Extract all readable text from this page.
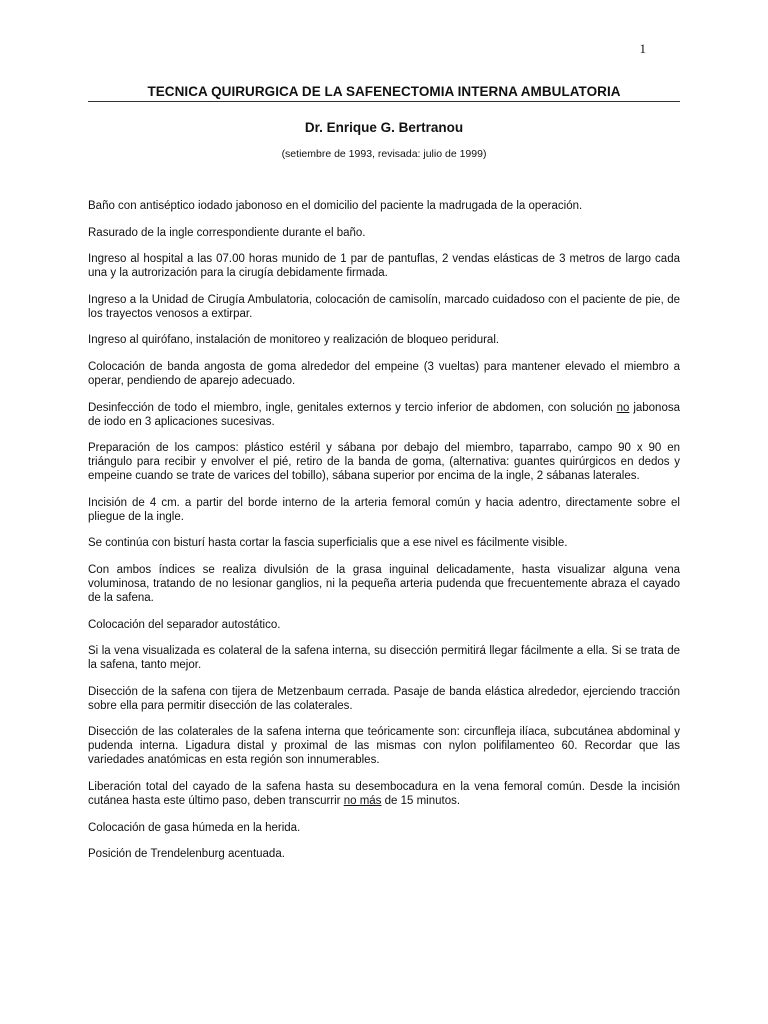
1
TECNICA QUIRURGICA DE LA SAFENECTOMIA INTERNA AMBULATORIA
Dr. Enrique G. Bertranou
(setiembre de 1993, revisada: julio de 1999)

Baño con antiséptico iodado jabonoso en el domicilio del paciente la madrugada de la operación.

Rasurado de la ingle correspondiente durante el baño.

Ingreso al hospital a las 07.00 horas munido de 1 par de pantuflas, 2 vendas elásticas de 3 metros de largo cada una y la autrorización para la cirugía debidamente firmada.

Ingreso a la Unidad de Cirugía Ambulatoria, colocación de camisolín, marcado cuidadoso con el paciente de pie, de los trayectos venosos a extirpar.

Ingreso al quirófano, instalación de monitoreo y realización de bloqueo peridural.

Colocación de banda angosta de goma alrededor del empeine (3 vueltas) para mantener elevado el miembro a operar, pendiendo de aparejo adecuado.

Desinfección de todo el miembro, ingle, genitales externos y tercio inferior de abdomen, con solución no jabonosa de iodo en 3 aplicaciones sucesivas.

Preparación de los campos: plástico estéril y sábana por debajo del miembro, taparrabo, campo 90 x 90 en triángulo para recibir y envolver el pié, retiro de la banda de goma, (alternativa: guantes quirúrgicos en dedos y empeine cuando se trate de varices del tobillo), sábana superior por encima de la ingle, 2 sábanas laterales.

Incisión de 4 cm. a partir del borde interno de la arteria femoral común y hacia adentro, directamente sobre el pliegue de la ingle.

Se continúa con bisturí hasta cortar la fascia superficialis que a ese nivel es fácilmente visible.

Con ambos índices se realiza divulsión de la grasa inguinal delicadamente, hasta visualizar alguna vena voluminosa, tratando de no lesionar ganglios, ni la pequeña arteria pudenda que frecuentemente abraza el cayado de la safena.

Colocación del separador autostático.

Si la vena visualizada es colateral de la safena interna, su disección permitirá llegar fácilmente a ella. Si se trata de la safena, tanto mejor.

Disección de la safena con tijera de Metzenbaum cerrada. Pasaje de banda elástica alrededor, ejerciendo tracción sobre ella para permitir disección de las colaterales.

Disección de las colaterales de la safena interna que teóricamente son: circunfleja ilíaca, subcutánea abdominal y pudenda interna. Ligadura distal y proximal de las mismas con nylon polifilamenteo 60. Recordar que las variedades anatómicas en esta región son innumerables.

Liberación total del cayado de la safena hasta su desembocadura en la vena femoral común. Desde la incisión cutánea hasta este último paso, deben transcurrir no más de 15 minutos.

Colocación de gasa húmeda en la herida.

Posición de Trendelenburg acentuada.
